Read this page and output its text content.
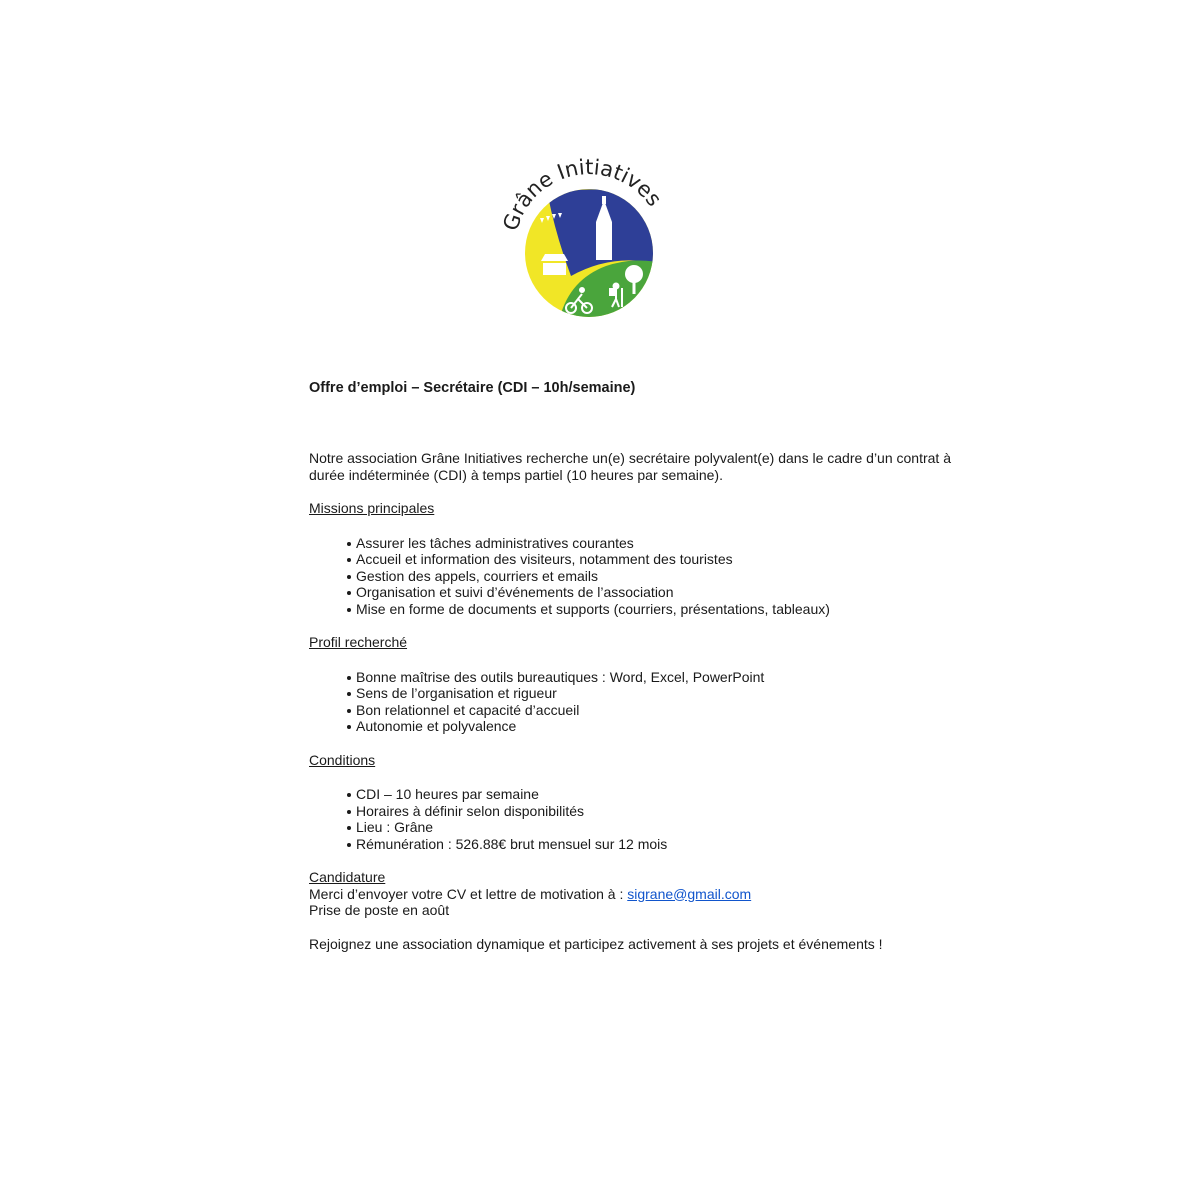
Grâne Initiatives
Offre d’emploi – Secrétaire (CDI – 10h/semaine)

Notre association Grâne Initiatives recherche un(e) secrétaire polyvalent(e) dans le cadre d’un contrat à durée indéterminée (CDI) à temps partiel (10 heures par semaine).

Missions principales

Assurer les tâches administratives courantes
Accueil et information des visiteurs, notamment des touristes
Gestion des appels, courriers et emails
Organisation et suivi d’événements de l’association
Mise en forme de documents et supports (courriers, présentations, tableaux)

Profil recherché

Bonne maîtrise des outils bureautiques : Word, Excel, PowerPoint
Sens de l’organisation et rigueur
Bon relationnel et capacité d’accueil
Autonomie et polyvalence

Conditions

CDI – 10 heures par semaine
Horaires à définir selon disponibilités
Lieu : Grâne
Rémunération : 526.88€ brut mensuel sur 12 mois

Candidature

Merci d’envoyer votre CV et lettre de motivation à : sigrane@gmail.com

Prise de poste en août

Rejoignez une association dynamique et participez activement à ses projets et événements !
